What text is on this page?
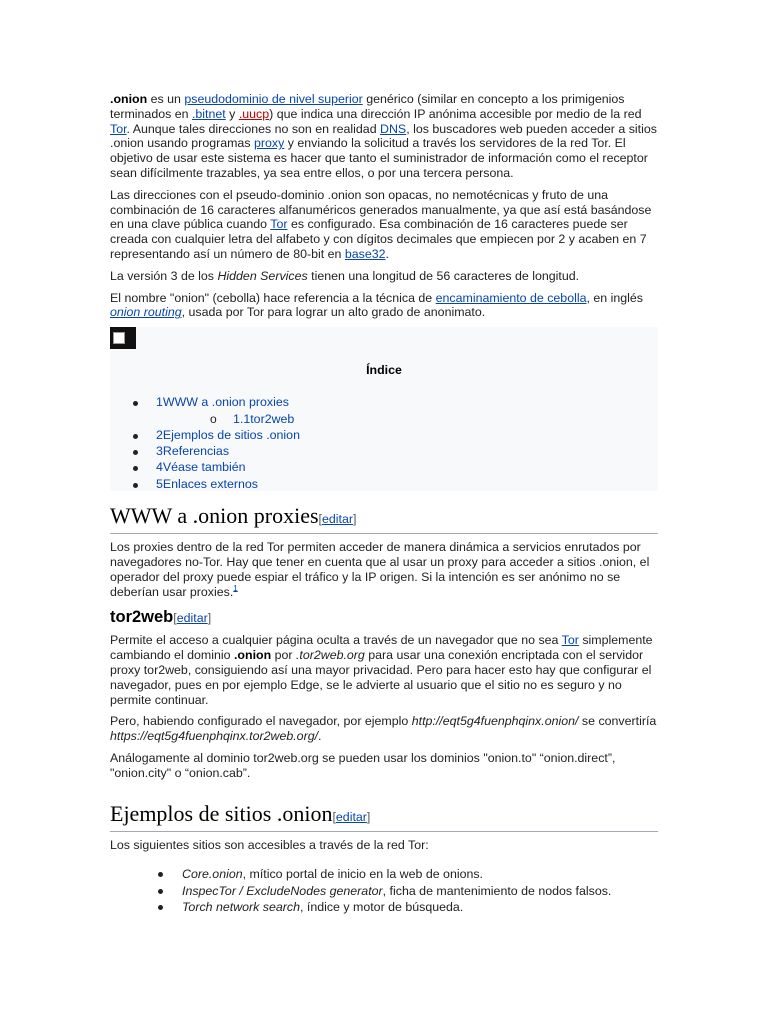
.onion es un pseudodominio de nivel superior genérico (similar en concepto a los primigenios terminados en .bitnet y .uucp) que indica una dirección IP anónima accesible por medio de la red Tor. Aunque tales direcciones no son en realidad DNS, los buscadores web pueden acceder a sitios .onion usando programas proxy y enviando la solicitud a través los servidores de la red Tor. El objetivo de usar este sistema es hacer que tanto el suministrador de información como el receptor sean difícilmente trazables, ya sea entre ellos, o por una tercera persona.

Las direcciones con el pseudo-dominio .onion son opacas, no nemotécnicas y fruto de una combinación de 16 caracteres alfanuméricos generados manualmente, ya que así está basándose en una clave pública cuando Tor es configurado. Esa combinación de 16 caracteres puede ser creada con cualquier letra del alfabeto y con dígitos decimales que empiecen por 2 y acaben en 7 representando así un número de 80-bit en base32.

La versión 3 de los Hidden Services tienen una longitud de 56 caracteres de longitud.

El nombre "onion" (cebolla) hace referencia a la técnica de encaminamiento de cebolla, en inglés onion routing, usada por Tor para lograr un alto grado de anonimato.

Índice
1WWW a .onion proxies
1.1tor2web
2Ejemplos de sitios .onion
3Referencias
4Véase también
5Enlaces externos
o
WWW a .onion proxies[editar]

Los proxies dentro de la red Tor permiten acceder de manera dinámica a servicios enrutados por navegadores no-Tor. Hay que tener en cuenta que al usar un proxy para acceder a sitios .onion, el operador del proxy puede espiar el tráfico y la IP origen. Si la intención es ser anónimo no se deberían usar proxies.$^1$

tor2web[editar]

Permite el acceso a cualquier página oculta a través de un navegador que no sea Tor simplemente cambiando el dominio .onion por .tor2web.org para usar una conexión encriptada con el servidor proxy tor2web, consiguiendo así una mayor privacidad. Pero para hacer esto hay que configurar el navegador, pues en por ejemplo Edge, se le advierte al usuario que el sitio no es seguro y no permite continuar.

Pero, habiendo configurado el navegador, por ejemplo http://eqt5g4fuenphqinx.onion/ se convertiría https://eqt5g4fuenphqinx.tor2web.org/.

Análogamente al dominio tor2web.org se pueden usar los dominios "onion.to" “onion.direct”, "onion.city" o “onion.cab”.

Ejemplos de sitios .onion[editar]

Los siguientes sitios son accesibles a través de la red Tor:

Core.onion, mítico portal de inicio en la web de onions.
InspecTor / ExcludeNodes generator, ficha de mantenimiento de nodos falsos.
Torch network search, índice y motor de búsqueda.
